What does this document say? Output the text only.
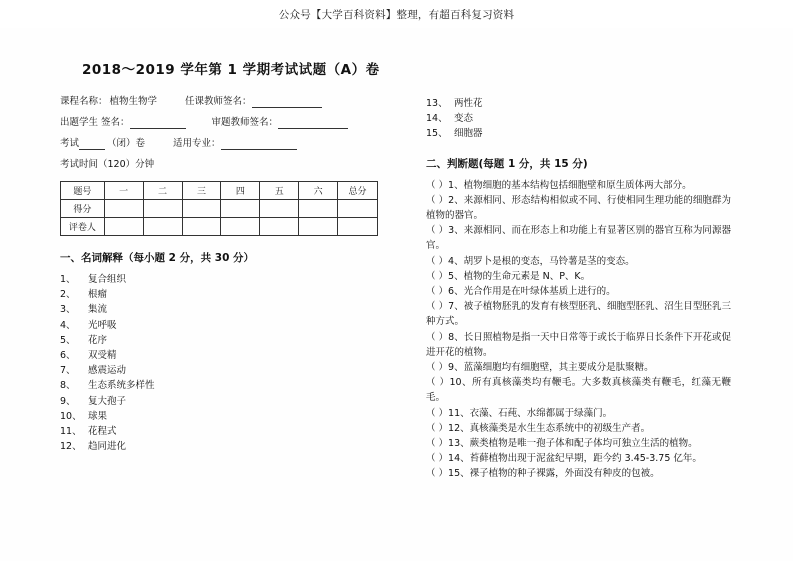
公众号【大学百科资料】整理，有超百科复习资料
2018～2019 学年第 1 学期考试试题（A）卷
课程名称： 植物生物学	任课教师签名：
出题学生 签名：	审题教师签名：
考试	（闭）卷	适用专业：
考试时间（120）分钟
题号	一	二	三	四	五	六	总分
得分							
评卷人							
一、名词解释（每小题 2 分，共 30 分）
1、	复合组织
2、	根瘤
3、	集流
4、	光呼吸
5、	花序
6、	双受精
7、	感震运动
8、	生态系统多样性
9、	复大孢子
10、 球果
11、 花程式
12、 趋同进化
13、 两性花
14、 变态
15、 细胞器
二、判断题(每题 1 分，共 15 分)

（ ）1、植物细胞的基本结构包括细胞壁和原生质体两大部分。

（ ）2、来源相同、形态结构相似或不同、行使相同生理功能的细胞群为植物的器官。

（ ）3、来源相同、而在形态上和功能上有显著区别的器官互称为同源器官。

（ ）4、胡罗卜是根的变态，马铃薯是茎的变态。

（ ）5、植物的生命元素是 N、P、K。

（ ）6、光合作用是在叶绿体基质上进行的。

（ ）7、被子植物胚乳的发育有核型胚乳、细胞型胚乳、沼生目型胚乳三种方式。

（ ）8、长日照植物是指一天中日常等于或长于临界日长条件下开花或促进开花的植物。

（ ）9、蓝藻细胞均有细胞壁，其主要成分是肽聚糖。

（ ）10、所有真核藻类均有鞭毛。大多数真核藻类有鞭毛，红藻无鞭毛。

（ ）11、衣藻、石莼、水绵都属于绿藻门。

（ ）12、真核藻类是水生生态系统中的初级生产者。

（ ）13、蕨类植物是唯一孢子体和配子体均可独立生活的植物。

（ ）14、苔藓植物出现于泥盆纪早期，距今约 3.45-3.75 亿年。

（ ）15、裸子植物的种子裸露，外面没有种皮的包被。
